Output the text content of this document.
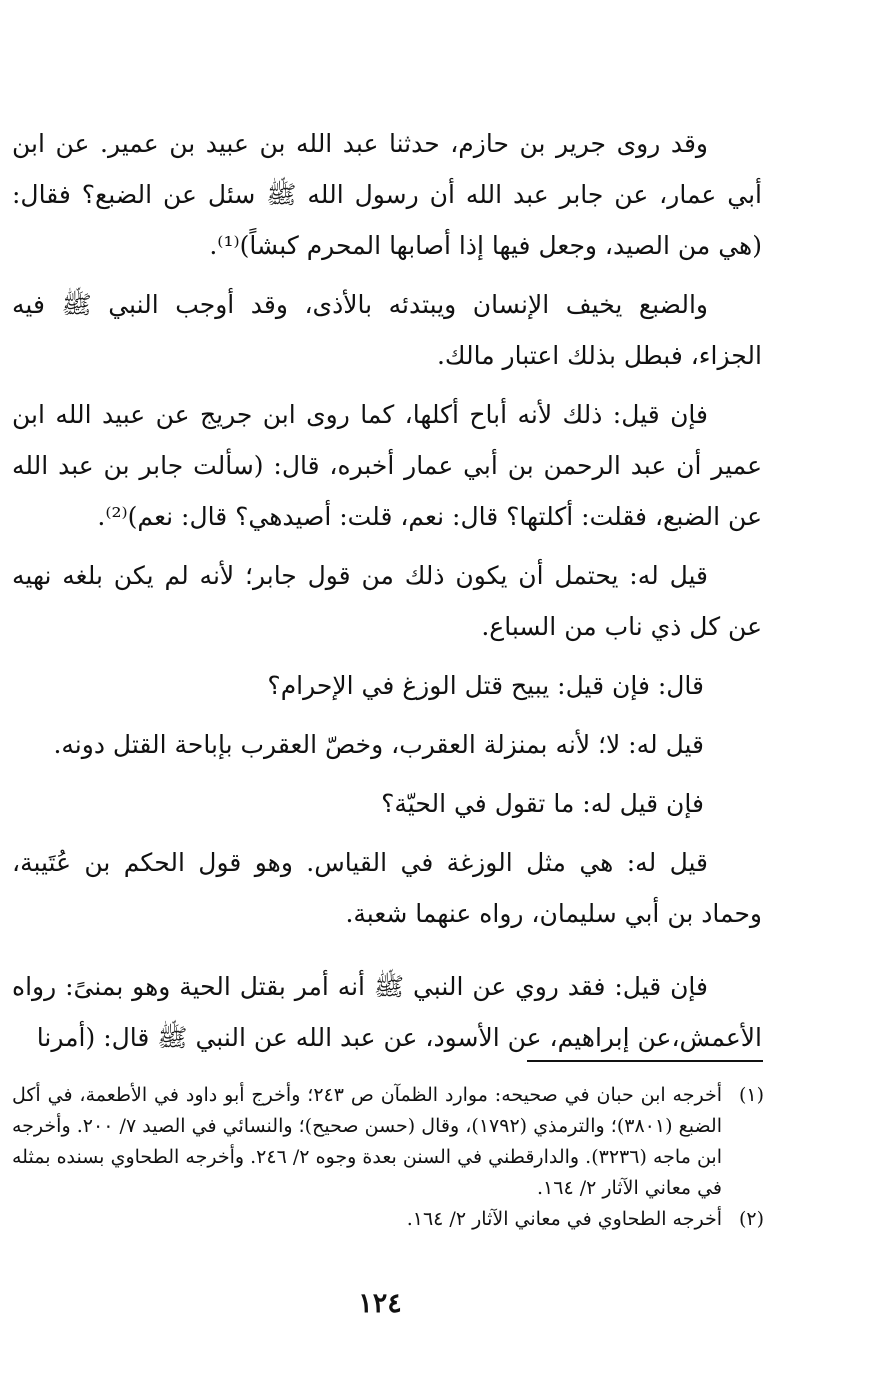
وقد روى جرير بن حازم، حدثنا عبد الله بن عبيد بن عمير. عن ابن أبي عمار، عن جابر عبد الله أن رسول الله ﷺ سئل عن الضبع؟ فقال: (هي من الصيد، وجعل فيها إذا أصابها المحرم كبشاً)⁽¹⁾.

والضبع يخيف الإنسان ويبتدئه بالأذى، وقد أوجب النبي ﷺ فيه الجزاء، فبطل بذلك اعتبار مالك.

فإن قيل: ذلك لأنه أباح أكلها، كما روى ابن جريج عن عبيد الله ابن عمير أن عبد الرحمن بن أبي عمار أخبره، قال: (سألت جابر بن عبد الله عن الضبع، فقلت: أكلتها؟ قال: نعم، قلت: أصيدهي؟ قال: نعم)⁽²⁾.

قيل له: يحتمل أن يكون ذلك من قول جابر؛ لأنه لم يكن بلغه نهيه عن كل ذي ناب من السباع.

قال: فإن قيل: يبيح قتل الوزغ في الإحرام؟

قيل له: لا؛ لأنه بمنزلة العقرب، وخصّ العقرب بإباحة القتل دونه.

فإن قيل له: ما تقول في الحيّة؟

قيل له: هي مثل الوزغة في القياس. وهو قول الحكم بن عُتَيبة، وحماد بن أبي سليمان، رواه عنهما شعبة.

فإن قيل: فقد روي عن النبي ﷺ أنه أمر بقتل الحية وهو بمنىً: رواه الأعمش،عن إبراهيم، عن الأسود، عن عبد الله عن النبي ﷺ قال: (أمرنا

(١)
أخرجه ابن حبان في صحيحه: موارد الظمآن ص ٢٤٣؛ وأخرج أبو داود في الأطعمة، في أكل الضبع (٣٨٠١)؛ والترمذي (١٧٩٢)، وقال (حسن صحيح)؛ والنسائي في الصيد ٧/ ٢٠٠. وأخرجه ابن ماجه (٣٢٣٦). والدارقطني في السنن بعدة وجوه ٢/ ٢٤٦. وأخرجه الطحاوي بسنده بمثله في معاني الآثار ٢/ ١٦٤.
(٢)
أخرجه الطحاوي في معاني الآثار ٢/ ١٦٤.
١٢٤
